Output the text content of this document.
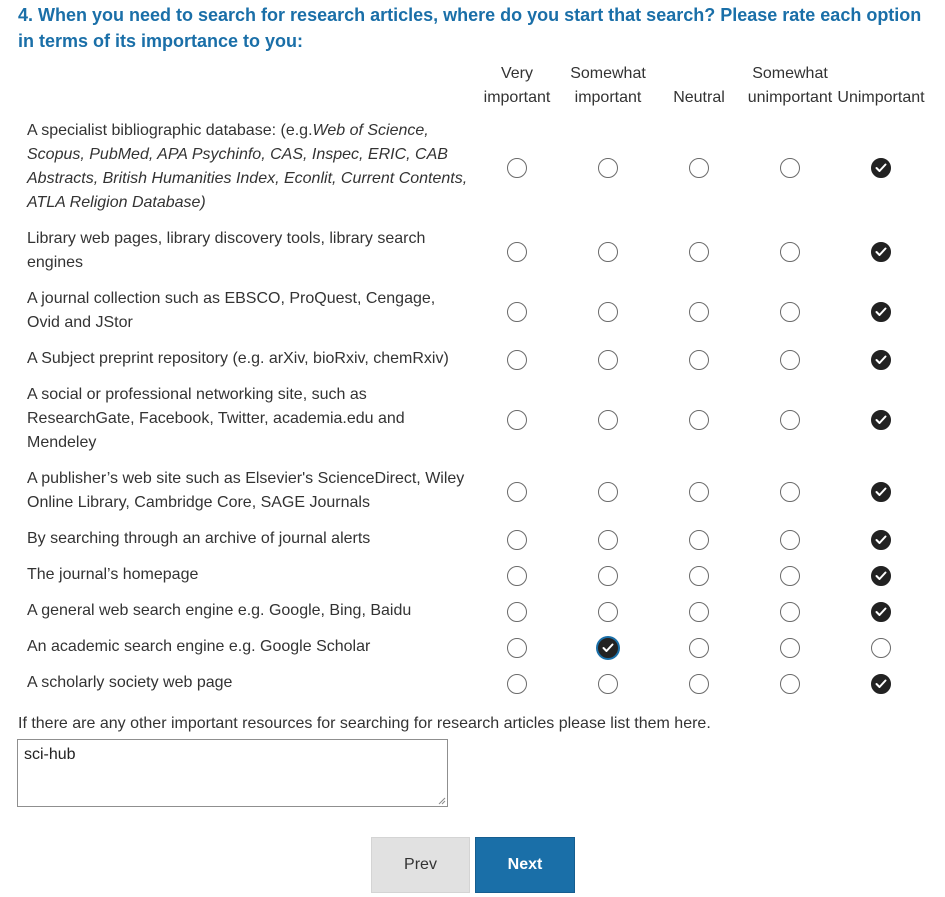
4. When you need to search for research articles, where do you start that search? Please rate each option in terms of its importance to you:
Very
important
Somewhat
important	Neutral
Somewhat
unimportant Unimportant
A specialist bibliographic database: (e.g.Web of Science, Scopus, PubMed, APA Psychinfo, CAS, Inspec, ERIC, CAB Abstracts, British Humanities Index, Econlit, Current Contents, ATLA Religion Database)
Library web pages, library discovery tools, library search engines
A journal collection such as EBSCO, ProQuest, Cengage, Ovid and JStor
A Subject preprint repository (e.g. arXiv, bioRxiv, chemRxiv)
A social or professional networking site, such as ResearchGate, Facebook, Twitter, academia.edu and Mendeley
A publisher’s web site such as Elsevier's ScienceDirect, Wiley Online Library, Cambridge Core, SAGE Journals
By searching through an archive of journal alerts
The journal’s homepage
A general web search engine e.g. Google, Bing, Baidu
An academic search engine e.g. Google Scholar
A scholarly society web page
If there are any other important resources for searching for research articles please list them here.
sci-hub
Prev	Next
